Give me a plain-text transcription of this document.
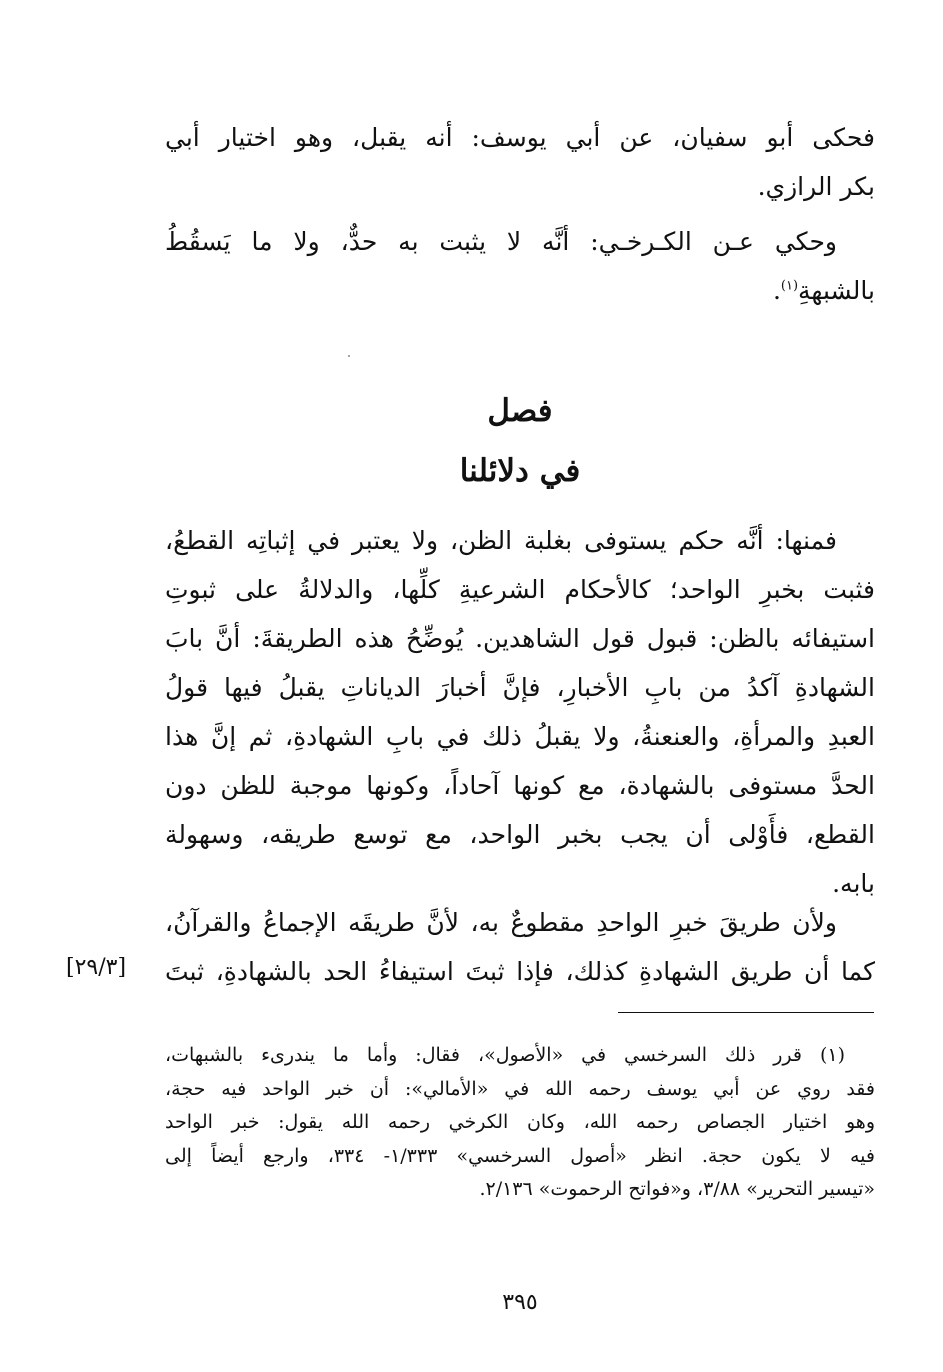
فحكى أبو سفيان، عن أبي يوسف: أنه يقبل، وهو اختيار أبي
بكر الرازي.
وحكي عـن الكـرخـي: أنَّه لا يثبت به حدٌّ، ولا ما يَسقُطُ
بالشبهةِ$^{(١)}$.
فصل
في دلائلنا
فمنها: أنَّه حكم يستوفى بغلبة الظن، ولا يعتبر في إثباتِه القطعُ،
فثبت بخبرِ الواحد؛ كالأحكام الشرعيةِ كلِّها، والدلالةُ على ثبوتِ
استيفائه بالظن: قبول قول الشاهدين. يُوضِّحُ هذه الطريقةَ: أنَّ بابَ
الشهادةِ آكدُ من بابِ الأخبارِ، فإنَّ أخبارَ الدياناتِ يقبلُ فيها قولُ
العبدِ والمرأةِ، والعنعنةُ، ولا يقبلُ ذلك في بابِ الشهادةِ، ثم إنَّ هذا
الحدَّ مستوفى بالشهادة، مع كونها آحاداً، وكونها موجبة للظن دون
القطع، فأَوْلى أن يجب بخبر الواحد، مع توسع طريقه، وسهولة
بابه.
ولأن طريقَ خبرِ الواحدِ مقطوعٌ به، لأنَّ طريقَه الإجماعُ والقرآنُ،
كما أن طريق الشهادةِ كذلك، فإذا ثبتَ استيفاءُ الحد بالشهادةِ، ثبتَ
[٢٩/٣]
(١) قرر ذلك السرخسي في «الأصول»، فقال: وأما ما يندرىء بالشبهات،
فقد روي عن أبي يوسف رحمه الله في «الأمالي»: أن خبر الواحد فيه حجة،
وهو اختيار الجصاص رحمه الله، وكان الكرخي رحمه الله يقول: خبر الواحد
فيه لا يكون حجة. انظر «أصول السرخسي» ١/٣٣٣- ٣٣٤، وارجع أيضاً إلى
«تيسير التحرير» ٣/٨٨، و«فواتح الرحموت» ٢/١٣٦.
٣٩٥
